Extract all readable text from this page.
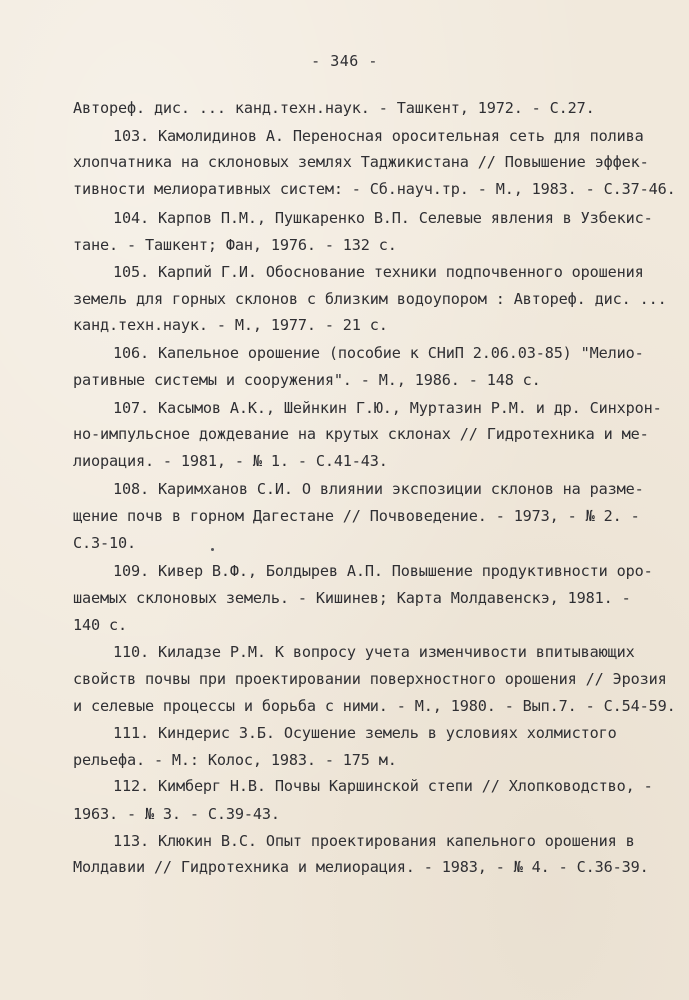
- 346 -
Автореф. дис. ... канд.техн.наук. - Ташкент, 1972. - С.27.
103. Камолидинов А. Переносная оросительная сеть для полива
хлопчатника на склоновых землях Таджикистана // Повышение эффек-
тивности мелиоративных систем: - Сб.науч.тр. - М., 1983. - С.37-46.
104. Карпов П.М., Пушкаренко В.П. Селевые явления в Узбекис-
тане. - Ташкент; Фан, 1976. - 132 с.
105. Карпий Г.И. Обоснование техники подпочвенного орошения
земель для горных склонов с близким водоупором : Автореф. дис. ...
канд.техн.наук. - М., 1977. - 21 с.
106. Капельное орошение (пособие к СНиП 2.06.03-85) "Мелио-
ративные системы и сооружения". - М., 1986. - 148 с.
107. Касымов А.К., Шейнкин Г.Ю., Муртазин Р.М. и др. Синхрон-
но-импульсное дождевание на крутых склонах // Гидротехника и ме-
лиорация. - 1981, - № 1. - С.41-43.
108. Каримханов С.И. О влиянии экспозиции склонов на разме-
щение почв в горном Дагестане // Почвоведение. - 1973, - № 2. -
С.3-10.
109. Кивер В.Ф., Болдырев А.П. Повышение продуктивности оро-
шаемых склоновых земель. - Кишинев; Карта Молдавенскэ, 1981. -
140 с.
110. Киладзе Р.М. К вопросу учета изменчивости впитывающих
свойств почвы при проектировании поверхностного орошения // Эрозия
и селевые процессы и борьба с ними. - М., 1980. - Вып.7. - С.54-59.
111. Киндерис З.Б. Осушение земель в условиях холмистого
рельефа. - М.: Колос, 1983. - 175 м.
112. Кимберг Н.В. Почвы Каршинской степи // Хлопководство, -
1963. - № 3. - С.39-43.
113. Клюкин В.С. Опыт проектирования капельного орошения в
Молдавии // Гидротехника и мелиорация. - 1983, - № 4. - С.36-39.
